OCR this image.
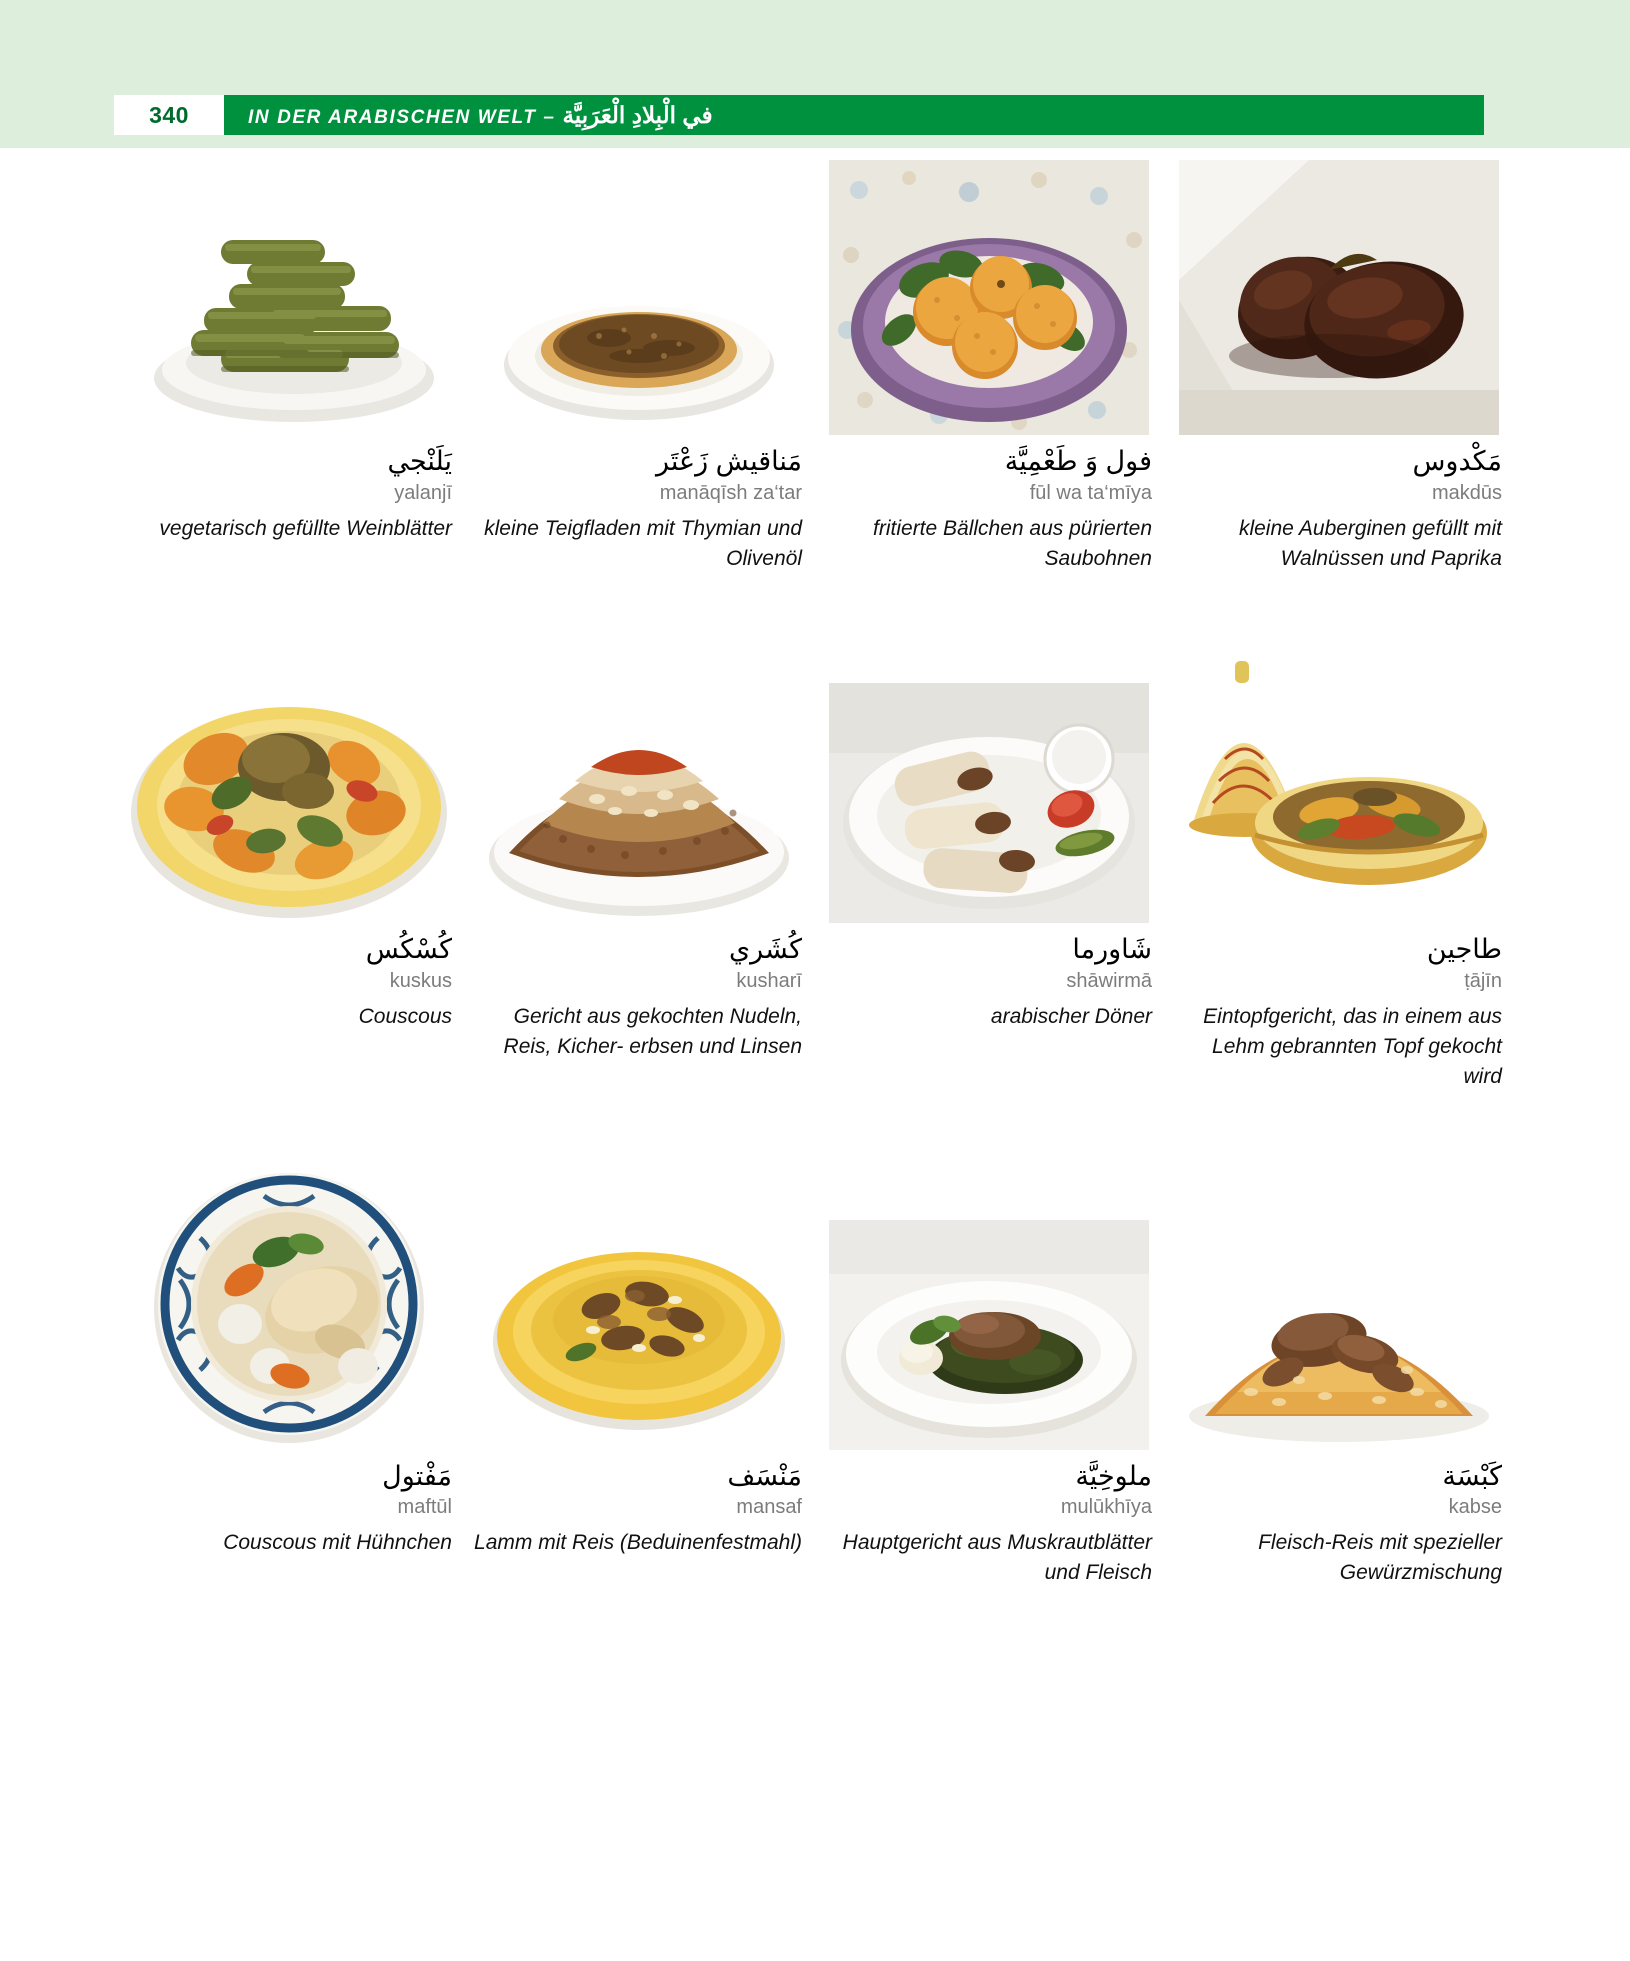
340	IN DER ARABISCHEN WELT – في الْبِلادِ الْعَرَبِيَّة
يَلَنْجي
yalanjī
vegetarisch gefüllte Weinblätter
مَناقيش زَعْتَر
manāqīsh za‘tar
kleine Teigfladen mit Thymian und Olivenöl
فول وَ طَعْمِيَّة
fūl wa ta‘mīya
fritierte Bällchen aus pürierten Saubohnen
مَكْدوس
makdūs
kleine Auberginen gefüllt mit Walnüssen und Paprika
كُسْكُس
kuskus
Couscous
كُشَري
kusharī
Gericht aus gekochten Nudeln, Reis, Kicher- erbsen und Linsen
شَاورما
shāwirmā
arabischer Döner
طاجين
ṭājīn
Eintopfgericht, das in einem aus Lehm gebrannten Topf gekocht wird
مَفْتول
maftūl
Couscous mit Hühnchen
مَنْسَف
mansaf
Lamm mit Reis (Beduinenfestmahl)
ملوخِيَّة
mulūkhīya
Hauptgericht aus Muskrautblätter und Fleisch
كَبْسَة
kabse
Fleisch-Reis mit spezieller Gewürzmischung
